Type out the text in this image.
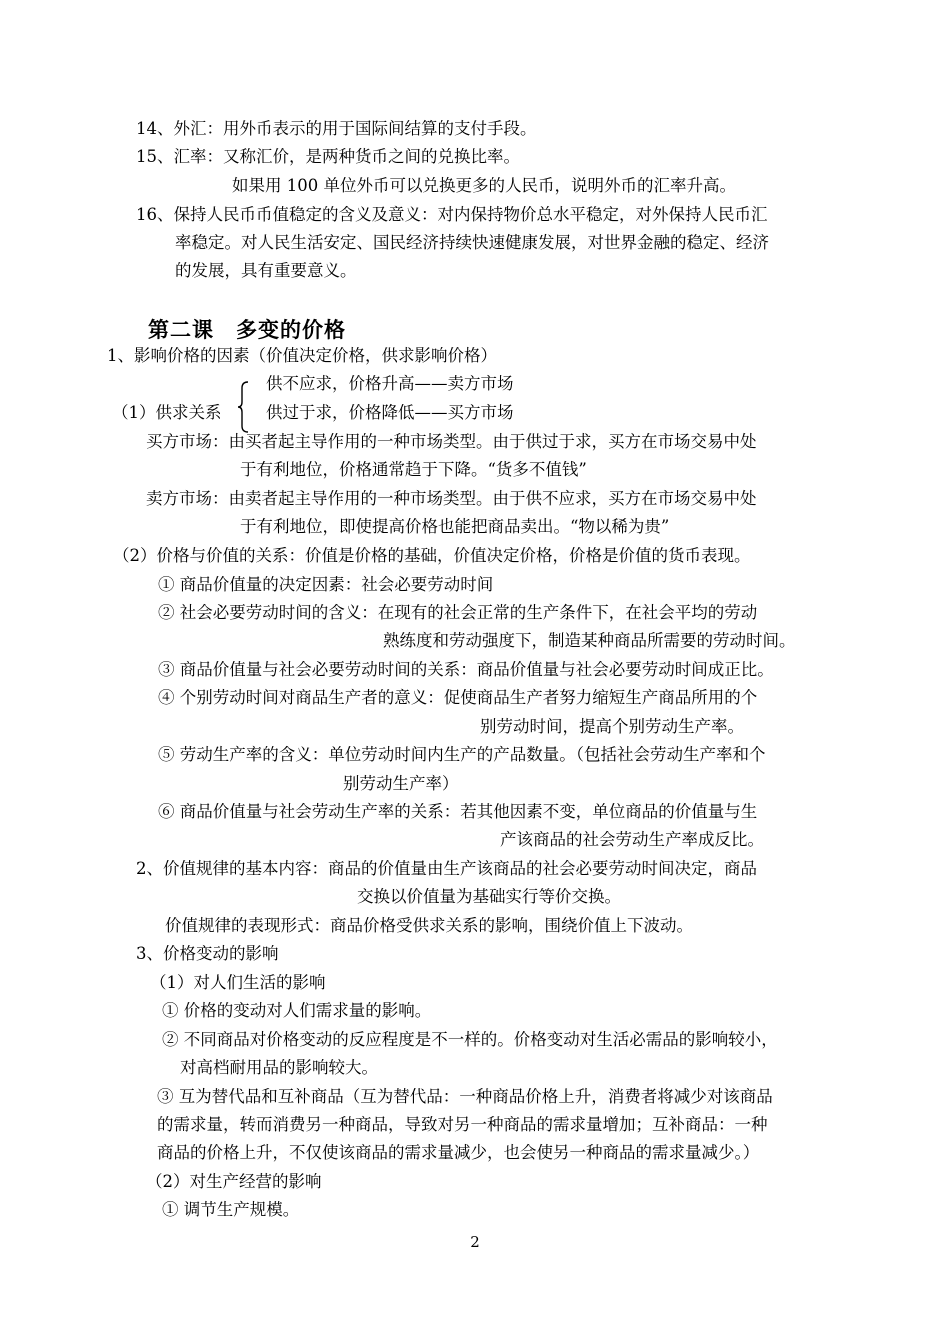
14、外汇：用外币表示的用于国际间结算的支付手段。
15、汇率：又称汇价，是两种货币之间的兑换比率。
如果用 100 单位外币可以兑换更多的人民币，说明外币的汇率升高。
16、保持人民币币值稳定的含义及意义：对内保持物价总水平稳定，对外保持人民币汇
率稳定。对人民生活安定、国民经济持续快速健康发展，对世界金融的稳定、经济
的发展，具有重要意义。
第二课　多变的价格
1、影响价格的因素（价值决定价格，供求影响价格）
供不应求，价格升高——卖方市场
（1）供求关系	供过于求，价格降低——买方市场
买方市场：由买者起主导作用的一种市场类型。由于供过于求，买方在市场交易中处
于有利地位，价格通常趋于下降。“货多不值钱”
卖方市场：由卖者起主导作用的一种市场类型。由于供不应求，买方在市场交易中处
于有利地位，即使提高价格也能把商品卖出。“物以稀为贵”
（2）价格与价值的关系：价值是价格的基础，价值决定价格，价格是价值的货币表现。
① 商品价值量的决定因素：社会必要劳动时间
② 社会必要劳动时间的含义：在现有的社会正常的生产条件下，在社会平均的劳动
熟练度和劳动强度下，制造某种商品所需要的劳动时间。
③ 商品价值量与社会必要劳动时间的关系：商品价值量与社会必要劳动时间成正比。
④ 个别劳动时间对商品生产者的意义：促使商品生产者努力缩短生产商品所用的个
别劳动时间，提高个别劳动生产率。
⑤ 劳动生产率的含义：单位劳动时间内生产的产品数量。（包括社会劳动生产率和个
别劳动生产率）
⑥ 商品价值量与社会劳动生产率的关系：若其他因素不变，单位商品的价值量与生
产该商品的社会劳动生产率成反比。
2、价值规律的基本内容：商品的价值量由生产该商品的社会必要劳动时间决定，商品
交换以价值量为基础实行等价交换。
价值规律的表现形式：商品价格受供求关系的影响，围绕价值上下波动。
3、价格变动的影响
（1）对人们生活的影响
① 价格的变动对人们需求量的影响。
② 不同商品对价格变动的反应程度是不一样的。价格变动对生活必需品的影响较小，
对高档耐用品的影响较大。
③ 互为替代品和互补商品（互为替代品：一种商品价格上升，消费者将减少对该商品
的需求量，转而消费另一种商品，导致对另一种商品的需求量增加；互补商品：一种
商品的价格上升，不仅使该商品的需求量减少，也会使另一种商品的需求量减少。）
（2）对生产经营的影响
① 调节生产规模。
2
